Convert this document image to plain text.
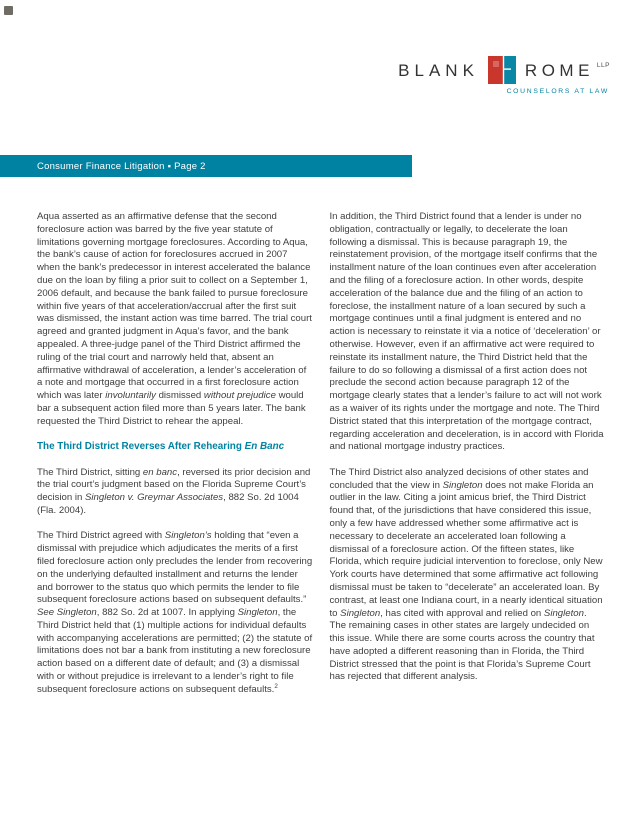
BLANK	ROME LLP
COUNSELORS AT LAW
Consumer Finance Litigation ▪ Page 2

Aqua asserted as an affirmative defense that the second foreclosure action was barred by the five year statute of limitations governing mortgage foreclosures. According to Aqua, the bank’s cause of action for foreclosures accrued in 2007 when the bank’s predecessor in interest accelerated the balance due on the loan by filing a prior suit to collect on a September 1, 2006 default, and because the bank failed to pursue foreclosure within five years of that acceleration/accrual after the first suit was dismissed, the instant action was time barred. The trial court agreed and granted judgment in Aqua’s favor, and the bank appealed. A three-judge panel of the Third District affirmed the ruling of the trial court and narrowly held that, absent an affirmative withdrawal of acceleration, a lender’s acceleration of a note and mortgage that occurred in a first foreclosure action which was later involuntarily dismissed without prejudice would bar a subsequent action filed more than 5 years later. The bank requested the Third District to rehear the appeal.

The Third District Reverses After Rehearing En Banc

The Third District, sitting en banc, reversed its prior decision and the trial court’s judgment based on the Florida Supreme Court’s decision in Singleton v. Greymar Associates, 882 So. 2d 1004 (Fla. 2004).

The Third District agreed with Singleton’s holding that “even a dismissal with prejudice which adjudicates the merits of a first filed foreclosure action only precludes the lender from recovering on the underlying defaulted installment and returns the lender and borrower to the status quo which permits the lender to file subsequent foreclosure actions based on subsequent defaults.” See Singleton, 882 So. 2d at 1007. In applying Singleton, the Third District held that (1) multiple actions for individual defaults with accompanying accelerations are permitted; (2) the statute of limitations does not bar a bank from instituting a new foreclosure action based on a different date of default; and (3) a dismissal with or without prejudice is irrelevant to a lender’s right to file subsequent foreclosure actions on subsequent defaults.$^2$

In addition, the Third District found that a lender is under no obligation, contractually or legally, to decelerate the loan following a dismissal. This is because paragraph 19, the reinstatement provision, of the mortgage itself confirms that the installment nature of the loan continues even after acceleration and the filing of a foreclosure action. In other words, despite acceleration of the balance due and the filing of an action to foreclose, the installment nature of a loan secured by such a mortgage continues until a final judgment is entered and no action is necessary to reinstate it via a notice of ‘deceleration’ or otherwise. However, even if an affirmative act were required to reinstate its installment nature, the Third District held that the failure to do so following a dismissal of a first action does not preclude the second action because paragraph 12 of the mortgage clearly states that a lender’s failure to act will not work as a waiver of its rights under the mortgage and note. The Third District stated that this interpretation of the mortgage contract, regarding acceleration and deceleration, is in accord with Florida and national mortgage industry practices.

The Third District also analyzed decisions of other states and concluded that the view in Singleton does not make Florida an outlier in the law. Citing a joint amicus brief, the Third District found that, of the jurisdictions that have considered this issue, only a few have addressed whether some affirmative act is necessary to decelerate an accelerated loan following a dismissal of a foreclosure action. Of the fifteen states, like Florida, which require judicial intervention to foreclose, only New York courts have determined that some affirmative act following dismissal must be taken to “decelerate” an accelerated loan. By contrast, at least one Indiana court, in a nearly identical situation to Singleton, has cited with approval and relied on Singleton. The remaining cases in other states are largely undecided on this issue. While there are some courts across the country that have adopted a different reasoning than in Florida, the Third District stressed that the point is that Florida’s Supreme Court has rejected that different analysis.
